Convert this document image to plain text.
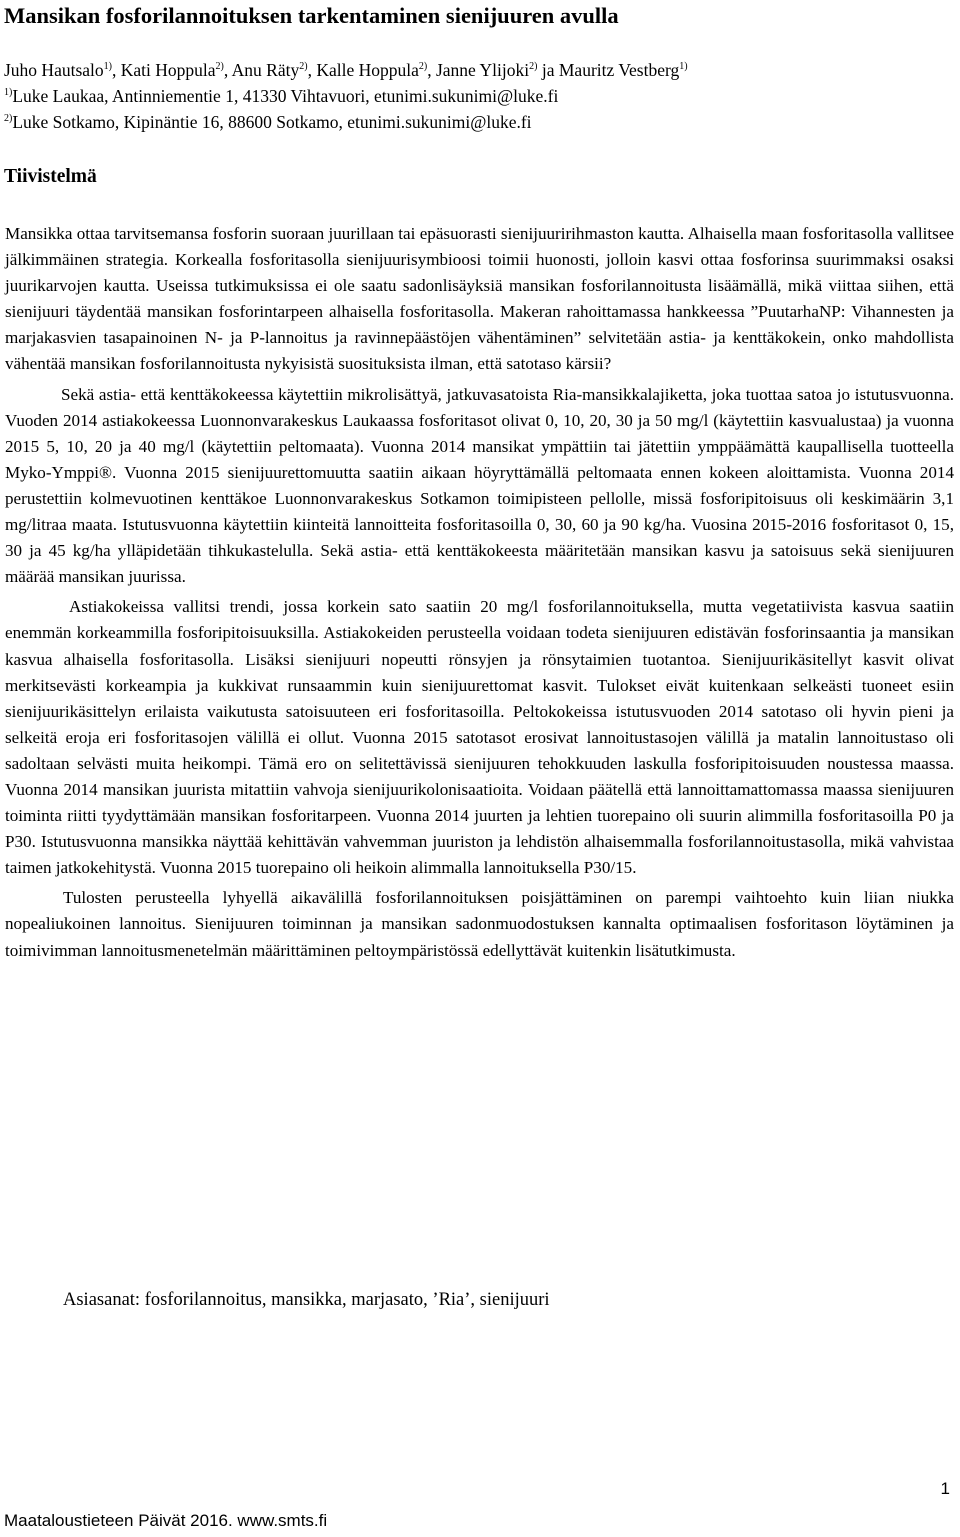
Mansikan fosforilannoituksen tarkentaminen sienijuuren avulla
Juho Hautsalo$^{1)}$, Kati Hoppula$^{2)}$, Anu Räty$^{2)}$, Kalle Hoppula$^{2)}$, Janne Ylijoki$^{2)}$ ja Mauritz Vestberg$^{1)}$
$^{1)}$Luke Laukaa, Antinniementie 1, 41330 Vihtavuori, etunimi.sukunimi@luke.fi
$^{2)}$Luke Sotkamo, Kipinäntie 16, 88600 Sotkamo, etunimi.sukunimi@luke.fi
Tiivistelmä

Mansikka ottaa tarvitsemansa fosforin suoraan juurillaan tai epäsuorasti sienijuuririhmaston kautta. Alhaisella maan fosforitasolla vallitsee jälkimmäinen strategia. Korkealla fosforitasolla sienijuurisymbioosi toimii huonosti, jolloin kasvi ottaa fosforinsa suurimmaksi osaksi juurikarvojen kautta. Useissa tutkimuksissa ei ole saatu sadonlisäyksiä mansikan fosforilannoitusta lisäämällä, mikä viittaa siihen, että sienijuuri täydentää mansikan fosforintarpeen alhaisella fosforitasolla. Makeran rahoittamassa hankkeessa ”PuutarhaNP: Vihannesten ja marjakasvien tasapainoinen N- ja P-lannoitus ja ravinnepäästöjen vähentäminen” selvitetään astia- ja kenttäkokein, onko mahdollista vähentää mansikan fosforilannoitusta nykyisistä suosituksista ilman, että satotaso kärsii?

Sekä astia- että kenttäkokeessa käytettiin mikrolisättyä, jatkuvasatoista Ria-mansikkalajiketta, joka tuottaa satoa jo istutusvuonna. Vuoden 2014 astiakokeessa Luonnonvarakeskus Laukaassa fosforitasot olivat 0, 10, 20, 30 ja 50 mg/l (käytettiin kasvualustaa) ja vuonna 2015 5, 10, 20 ja 40 mg/l (käytettiin peltomaata). Vuonna 2014 mansikat ympättiin tai jätettiin ymppäämättä kaupallisella tuotteella Myko-Ymppi®. Vuonna 2015 sienijuurettomuutta saatiin aikaan höyryttämällä peltomaata ennen kokeen aloittamista. Vuonna 2014 perustettiin kolmevuotinen kenttäkoe Luonnonvarakeskus Sotkamon toimipisteen pellolle, missä fosforipitoisuus oli keskimäärin 3,1 mg/litraa maata. Istutusvuonna käytettiin kiinteitä lannoitteita fosforitasoilla 0, 30, 60 ja 90 kg/ha. Vuosina 2015-2016 fosforitasot 0, 15, 30 ja 45 kg/ha ylläpidetään tihkukastelulla. Sekä astia- että kenttäkokeesta määritetään mansikan kasvu ja satoisuus sekä sienijuuren määrää mansikan juurissa.

Astiakokeissa vallitsi trendi, jossa korkein sato saatiin 20 mg/l fosforilannoituksella, mutta vegetatiivista kasvua saatiin enemmän korkeammilla fosforipitoisuuksilla. Astiakokeiden perusteella voidaan todeta sienijuuren edistävän fosforinsaantia ja mansikan kasvua alhaisella fosforitasolla. Lisäksi sienijuuri nopeutti rönsyjen ja rönsytaimien tuotantoa. Sienijuurikäsitellyt kasvit olivat merkitsevästi korkeampia ja kukkivat runsaammin kuin sienijuurettomat kasvit. Tulokset eivät kuitenkaan selkeästi tuoneet esiin sienijuurikäsittelyn erilaista vaikutusta satoisuuteen eri fosforitasoilla. Peltokokeissa istutusvuoden 2014 satotaso oli hyvin pieni ja selkeitä eroja eri fosforitasojen välillä ei ollut. Vuonna 2015 satotasot erosivat lannoitustasojen välillä ja matalin lannoitustaso oli sadoltaan selvästi muita heikompi. Tämä ero on selitettävissä sienijuuren tehokkuuden laskulla fosforipitoisuuden noustessa maassa. Vuonna 2014 mansikan juurista mitattiin vahvoja sienijuurikolonisaatioita. Voidaan päätellä että lannoittamattomassa maassa sienijuuren toiminta riitti tyydyttämään mansikan fosforitarpeen. Vuonna 2014 juurten ja lehtien tuorepaino oli suurin alimmilla fosforitasoilla P0 ja P30. Istutusvuonna mansikka näyttää kehittävän vahvemman juuriston ja lehdistön alhaisemmalla fosforilannoitustasolla, mikä vahvistaa taimen jatkokehitystä. Vuonna 2015 tuorepaino oli heikoin alimmalla lannoituksella P30/15.

Tulosten perusteella lyhyellä aikavälillä fosforilannoituksen poisjättäminen on parempi vaihtoehto kuin liian niukka nopealiukoinen lannoitus. Sienijuuren toiminnan ja mansikan sadonmuodostuksen kannalta optimaalisen fosforitason löytäminen ja toimivimman lannoitusmenetelmän määrittäminen peltoympäristössä edellyttävät kuitenkin lisätutkimusta.

Asiasanat: fosforilannoitus, mansikka, marjasato, ’Ria’, sienijuuri
1
Maataloustieteen Päivät 2016. www.smts.fi
